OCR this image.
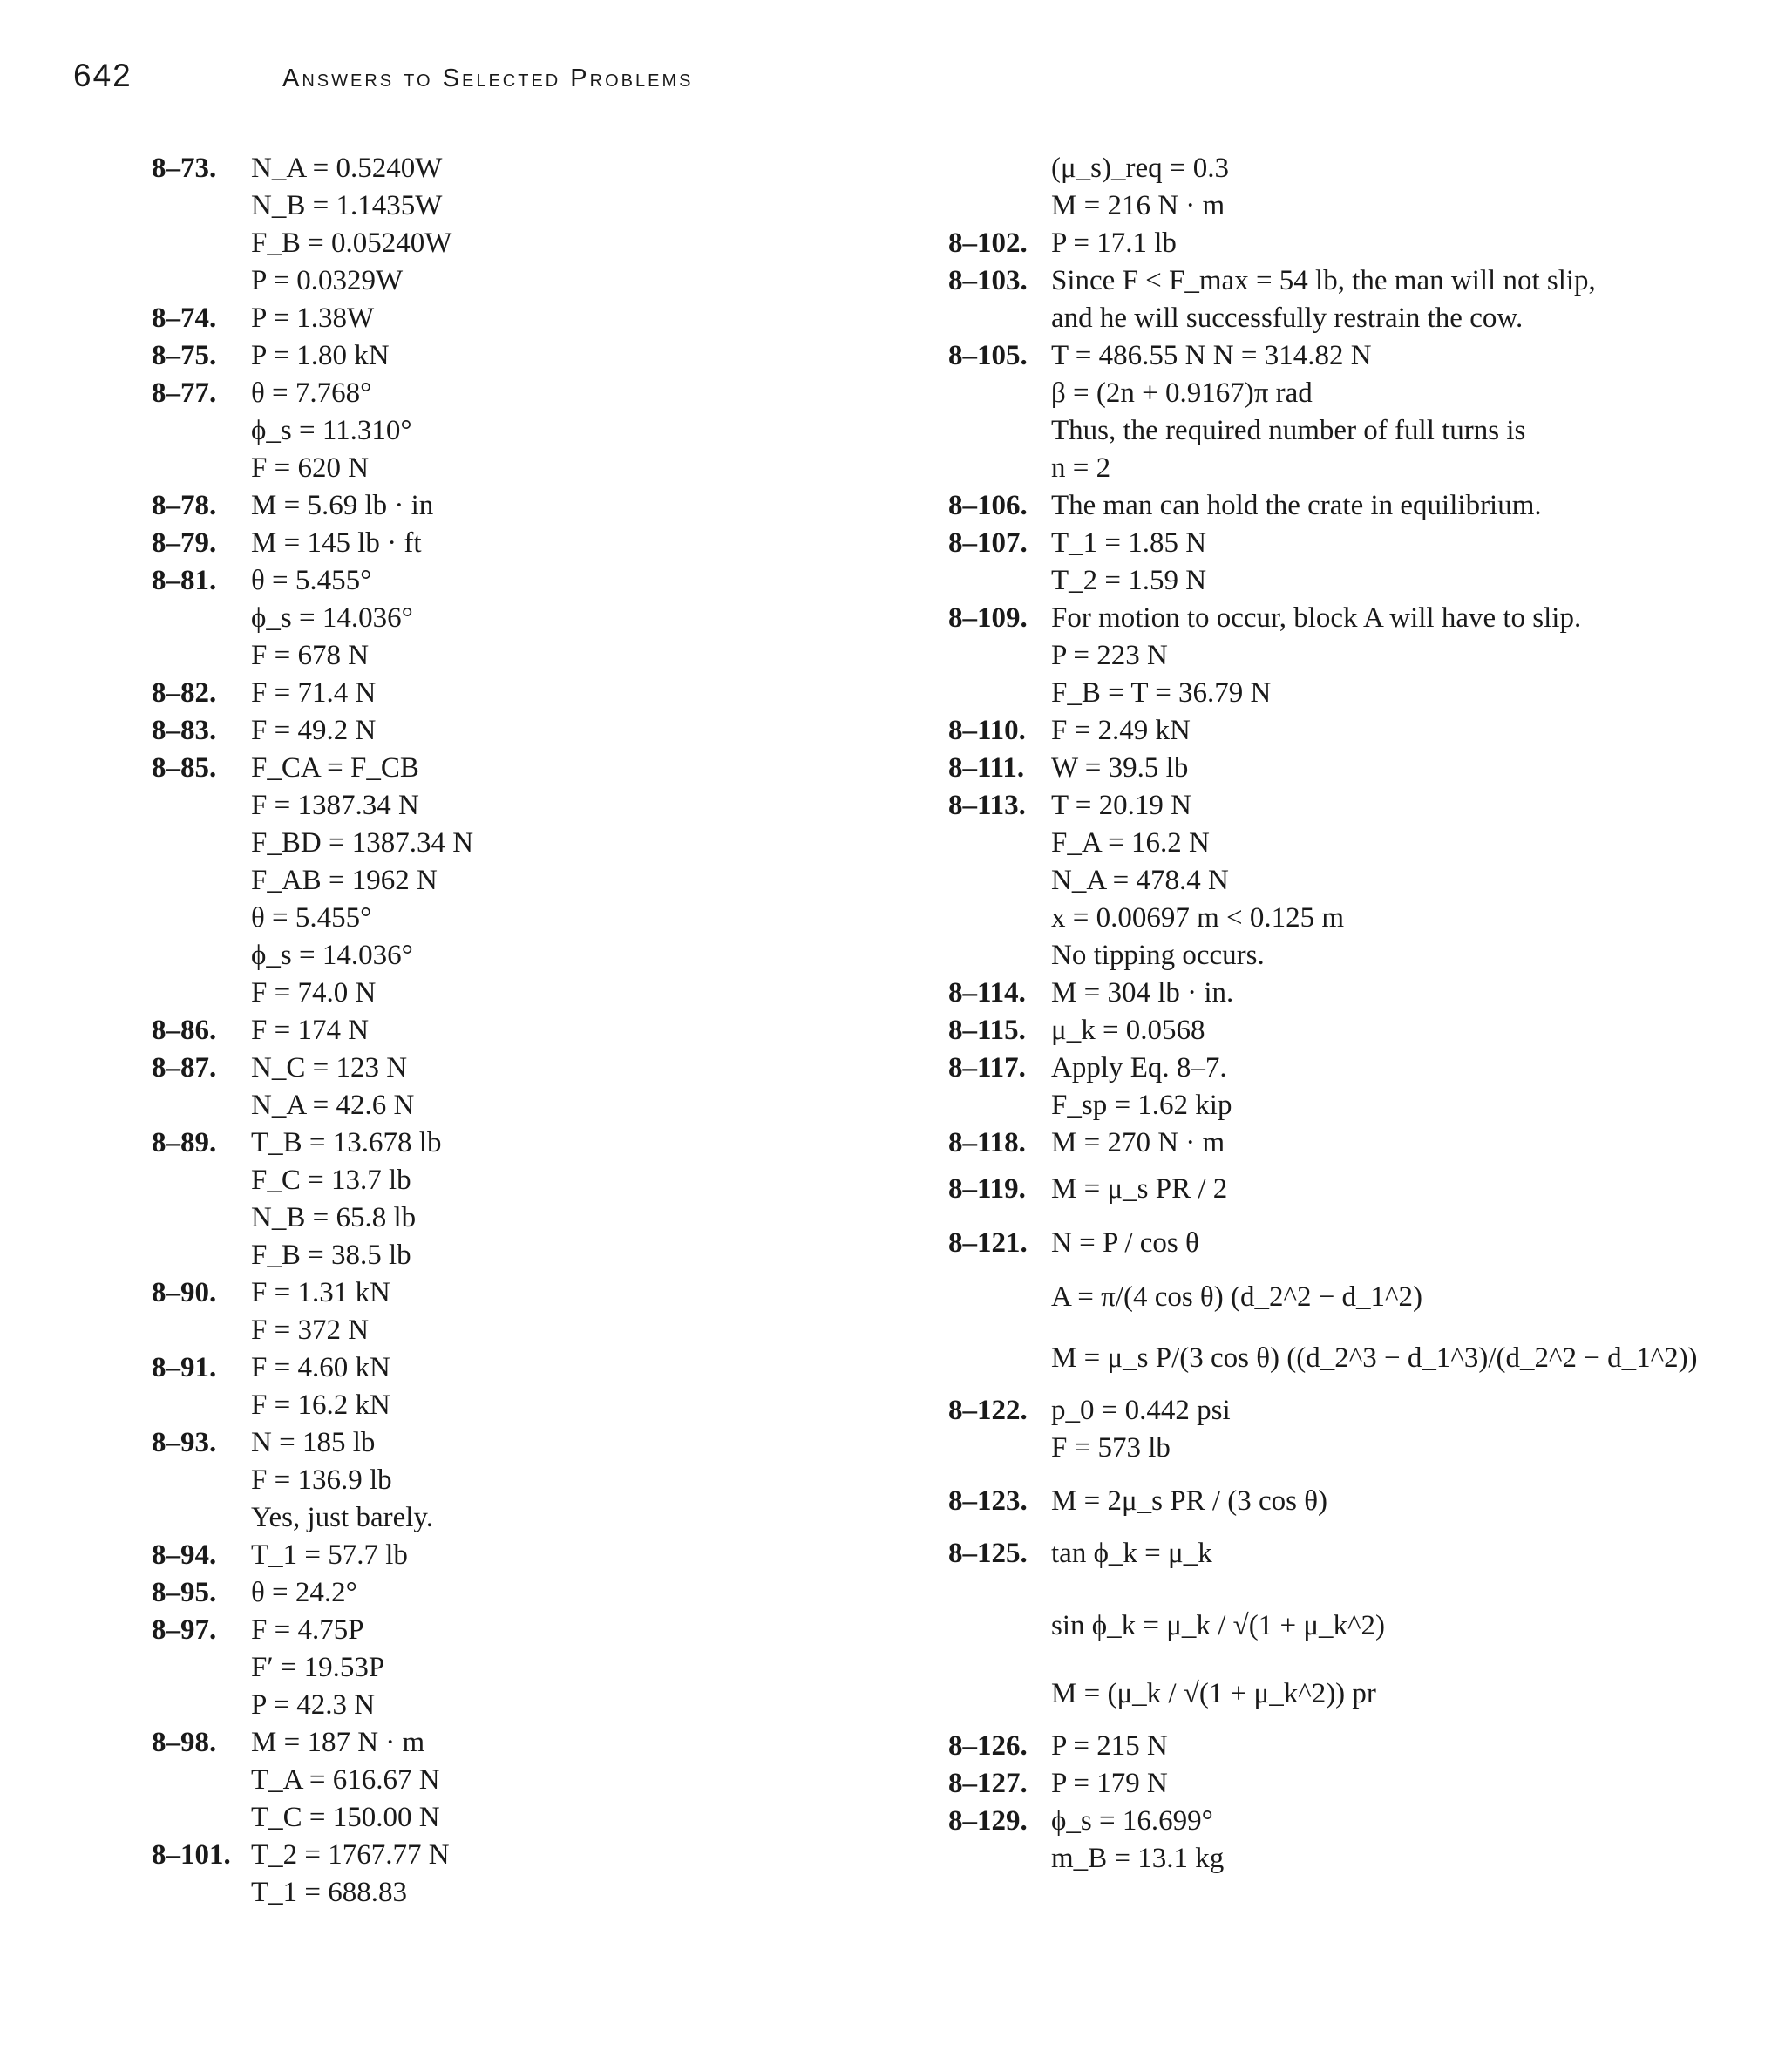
642	Answers to Selected Problems
8–73.	N_A = 0.5240W
N_B = 1.1435W
F_B = 0.05240W
P = 0.0329W
8–74.	P = 1.38W
8–75.	P = 1.80 kN
8–77.	θ = 7.768°
ϕ_s = 11.310°
F = 620 N
8–78.	M = 5.69 lb · in
8–79.	M = 145 lb · ft
8–81.	θ = 5.455°
ϕ_s = 14.036°
F = 678 N
8–82.	F = 71.4 N
8–83.	F = 49.2 N
8–85.	F_CA = F_CB
F = 1387.34 N
F_BD = 1387.34 N
F_AB = 1962 N
θ = 5.455°
ϕ_s = 14.036°
F = 74.0 N
8–86.	F = 174 N
8–87.	N_C = 123 N
N_A = 42.6 N
8–89.	T_B = 13.678 lb
F_C = 13.7 lb
N_B = 65.8 lb
F_B = 38.5 lb
8–90.	F = 1.31 kN
F = 372 N
8–91.	F = 4.60 kN
F = 16.2 kN
8–93.	N = 185 lb
F = 136.9 lb
Yes, just barely.
8–94.	T_1 = 57.7 lb
8–95.	θ = 24.2°
8–97.	F = 4.75P
F′ = 19.53P
P = 42.3 N
8–98.	M = 187 N · m
T_A = 616.67 N
T_C = 150.00 N
8–101. T_2 = 1767.77 N
T_1 = 688.83
(μ_s)_req = 0.3
M = 216 N · m
8–102. P = 17.1 lb
8–103. Since F < F_max = 54 lb, the man will not slip,
and he will successfully restrain the cow.
8–105. T = 486.55 N N = 314.82 N
β = (2n + 0.9167)π rad
Thus, the required number of full turns is
n = 2
8–106. The man can hold the crate in equilibrium.
8–107. T_1 = 1.85 N
T_2 = 1.59 N
8–109. For motion to occur, block A will have to slip.
P = 223 N
F_B = T = 36.79 N
8–110. F = 2.49 kN
8–111. W = 39.5 lb
8–113. T = 20.19 N
F_A = 16.2 N
N_A = 478.4 N
x = 0.00697 m < 0.125 m
No tipping occurs.
8–114. M = 304 lb · in.
8–115. μ_k = 0.0568
8–117. Apply Eq. 8–7.
F_sp = 1.62 kip
8–118. M = 270 N · m
8–119. M = μ_s PR / 2
8–121. N = P / cos θ
A = π/(4 cos θ) (d_2^2 − d_1^2)
M = μ_s P/(3 cos θ) ((d_2^3 − d_1^3)/(d_2^2 − d_1^2))
8–122. p_0 = 0.442 psi
F = 573 lb
8–123. M = 2μ_s PR / (3 cos θ)
8–125. tan ϕ_k = μ_k
sin ϕ_k = μ_k / √(1 + μ_k^2)
M = (μ_k / √(1 + μ_k^2)) pr
8–126. P = 215 N
8–127. P = 179 N
8–129. ϕ_s = 16.699°
m_B = 13.1 kg
